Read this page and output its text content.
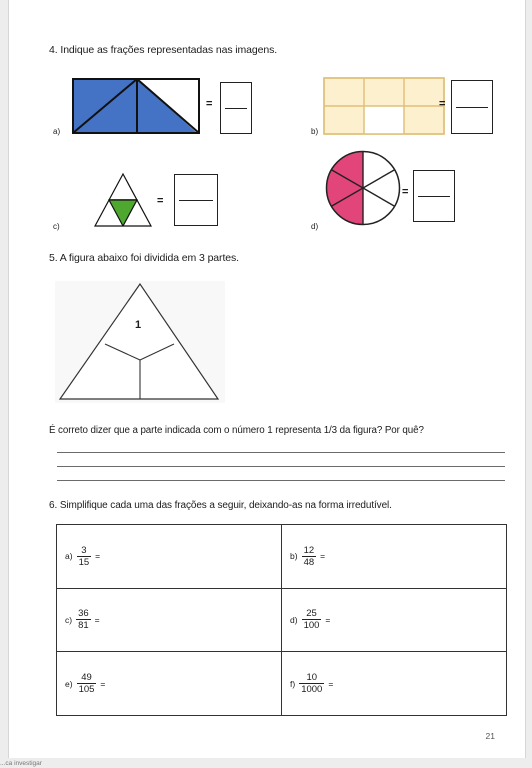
4. Indique as frações representadas nas imagens.
a)
=
b)
=
c)
=
d)
=
5. A figura abaixo foi dividida em 3 partes.
1
É correto dizer que a parte indicada com o número 1 representa 1/3 da figura? Por quê?
6. Simplifique cada uma das frações a seguir, deixando-as na forma irredutível.
$a) \frac{3}{15}$ =	$b) \frac{12}{48}$ =

$c) \frac{36}{81}$ =	$d) \frac{25}{100}$ =

$e) \frac{49}{105}$ =	$f) \frac{10}{1000}$ =
21
...ca investigar
